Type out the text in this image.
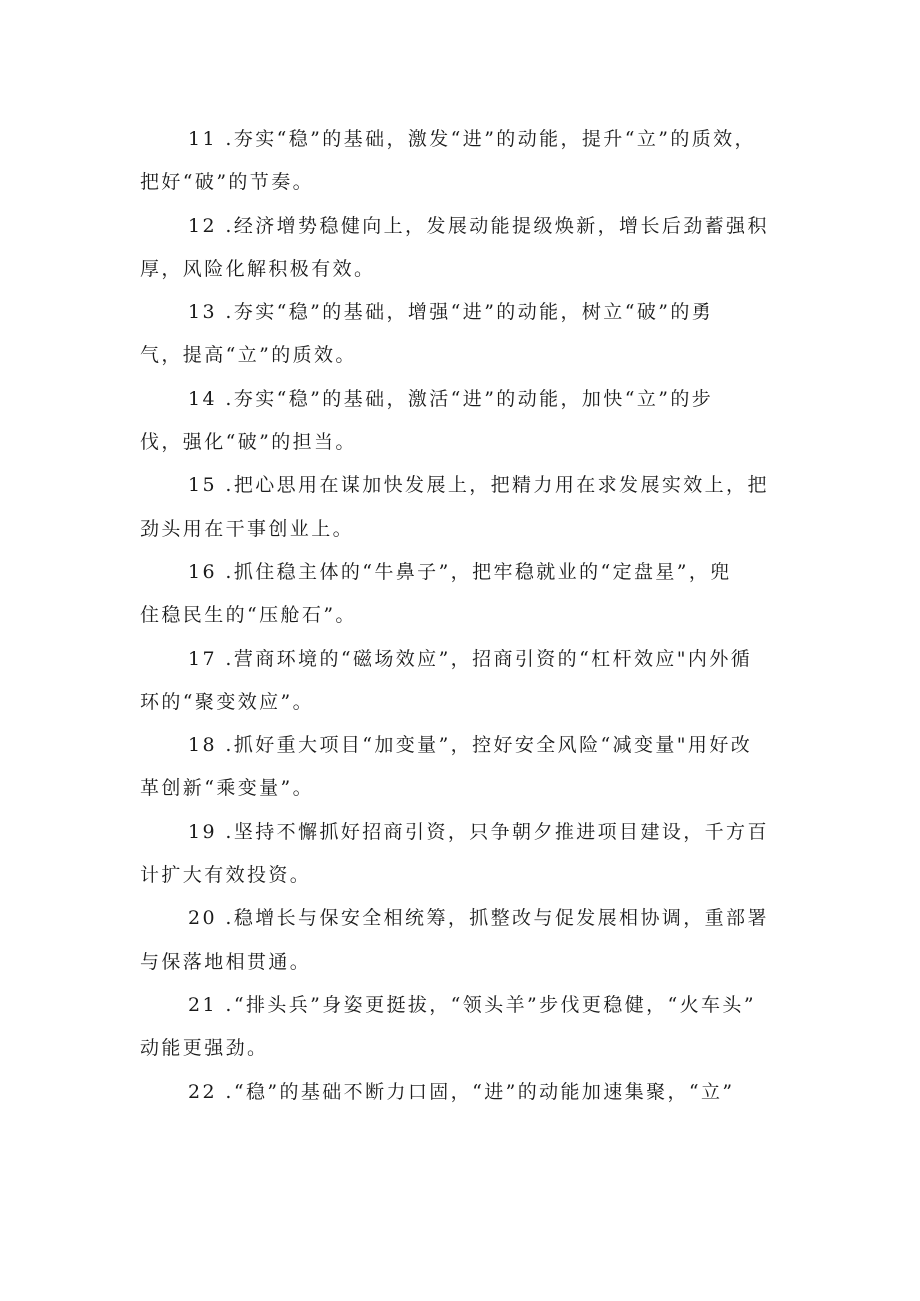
11 .夯实“稳”的基础，激发“进”的动能，提升“立”的质效，
把好“破”的节奏。
12 .经济增势稳健向上，发展动能提级焕新，增长后劲蓄强积
厚，风险化解积极有效。
13 .夯实“稳”的基础，增强“进”的动能，树立“破”的勇
气，提高“立”的质效。
14 .夯实“稳”的基础，激活“进”的动能，加快“立”的步
伐，强化“破”的担当。
15 .把心思用在谋加快发展上，把精力用在求发展实效上，把
劲头用在干事创业上。
16 .抓住稳主体的“牛鼻子”，把牢稳就业的“定盘星”，兜
住稳民生的“压舱石”。
17 .营商环境的“磁场效应”，招商引资的“杠杆效应"内外循
环的“聚变效应”。
18 .抓好重大项目“加变量”，控好安全风险“减变量"用好改
革创新“乘变量”。
19 .坚持不懈抓好招商引资，只争朝夕推进项目建设，千方百
计扩大有效投资。
20 .稳增长与保安全相统筹，抓整改与促发展相协调，重部署
与保落地相贯通。
21 .“排头兵”身姿更挺拔，“领头羊”步伐更稳健，“火车头”
动能更强劲。
22 .“稳”的基础不断力口固，“进”的动能加速集聚，“立”
